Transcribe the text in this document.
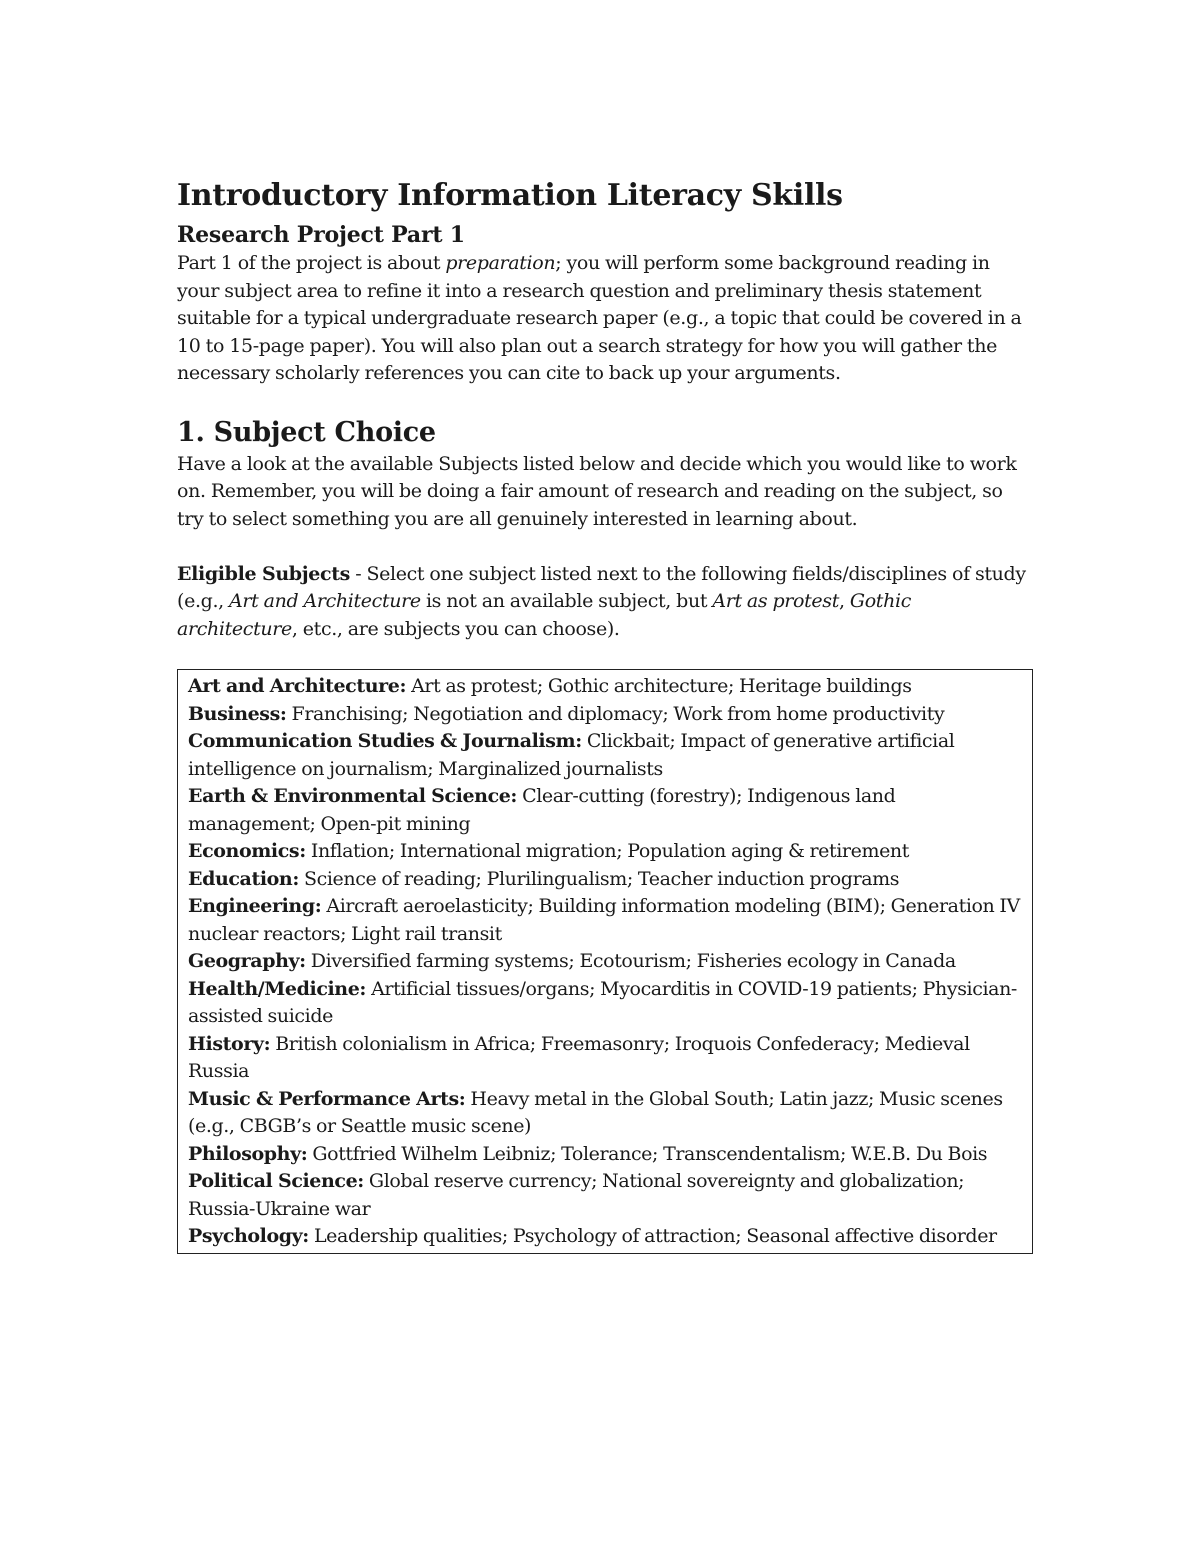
Introductory Information Literacy Skills
Research Project Part 1

Part 1 of the project is about preparation; you will perform some background reading in your subject area to refine it into a research question and preliminary thesis statement suitable for a typical undergraduate research paper (e.g., a topic that could be covered in a 10 to 15-page paper). You will also plan out a search strategy for how you will gather the necessary scholarly references you can cite to back up your arguments.

1. Subject Choice

Have a look at the available Subjects listed below and decide which you would like to work on. Remember, you will be doing a fair amount of research and reading on the subject, so try to select something you are all genuinely interested in learning about.

Eligible Subjects - Select one subject listed next to the following fields/disciplines of study (e.g., Art and Architecture is not an available subject, but Art as protest, Gothic architecture, etc., are subjects you can choose).

Art and Architecture: Art as protest; Gothic architecture; Heritage buildings
Business: Franchising; Negotiation and diplomacy; Work from home productivity
Communication Studies & Journalism: Clickbait; Impact of generative artificial intelligence on journalism; Marginalized journalists
Earth & Environmental Science: Clear-cutting (forestry); Indigenous land management; Open-pit mining
Economics: Inflation; International migration; Population aging & retirement
Education: Science of reading; Plurilingualism; Teacher induction programs
Engineering: Aircraft aeroelasticity; Building information modeling (BIM); Generation IV nuclear reactors; Light rail transit
Geography: Diversified farming systems; Ecotourism; Fisheries ecology in Canada
Health/Medicine: Artificial tissues/organs; Myocarditis in COVID-19 patients; Physician-assisted suicide
History: British colonialism in Africa; Freemasonry; Iroquois Confederacy; Medieval Russia
Music & Performance Arts: Heavy metal in the Global South; Latin jazz; Music scenes (e.g., CBGB’s or Seattle music scene)
Philosophy: Gottfried Wilhelm Leibniz; Tolerance; Transcendentalism; W.E.B. Du Bois
Political Science: Global reserve currency; National sovereignty and globalization; Russia-Ukraine war
Psychology: Leadership qualities; Psychology of attraction; Seasonal affective disorder
